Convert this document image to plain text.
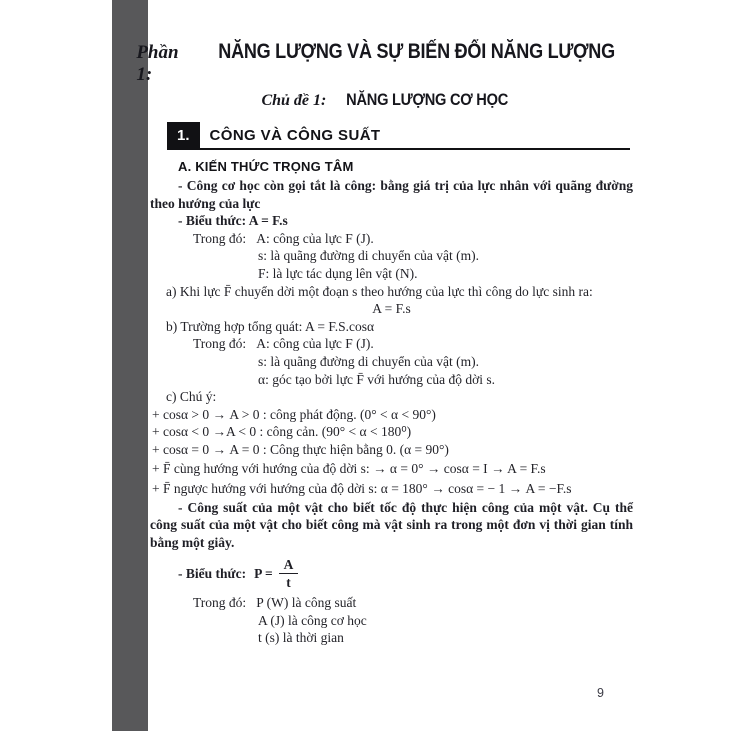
Phần 1:
NĂNG LƯỢNG VÀ SỰ BIẾN ĐỔI NĂNG LƯỢNG
Chủ đề 1: NĂNG LƯỢNG CƠ HỌC
1.	CÔNG VÀ CÔNG SUẤT
A. KIẾN THỨC TRỌNG TÂM
- Công cơ học còn gọi tắt là công: bằng giá trị của lực nhân với quãng đường theo hướng của lực
- Biểu thức: A = F.s
Trong đó:   A: công của lực F (J).
s: là quãng đường di chuyển của vật (m).
F: là lực tác dụng lên vật (N).
a) Khi lực F̄ chuyển dời một đoạn s theo hướng của lực thì công do lực sinh ra:
A = F.s
b) Trường hợp tổng quát: A = F.S.cosα
Trong đó:   A: công của lực F (J).
s: là quãng đường di chuyển của vật (m).
α: góc tạo bởi lực F̄ với hướng của độ dời s.
c) Chú ý:
+ cosα > 0 → A > 0 : công phát động. (0° < α < 90°)
+ cosα < 0 →A < 0 : công cản. (90° < α < 180⁰)
+ cosα = 0 → A = 0 : Công thực hiện bằng 0. (α = 90°)
+ F̄ cùng hướng với hướng của độ dời s: → α = 0° → cosα = I → A = F.s
+ F̄ ngược hướng với hướng của độ dời s: α = 180° → cosα = − 1 → A = −F.s
- Công suất của một vật cho biết tốc độ thực hiện công của một vật. Cụ thể công suất của một vật cho biết công mà vật sinh ra trong một đơn vị thời gian tính bằng một giây.
- Biểu thức: $P = \frac{A}{t}$
Trong đó:   P (W) là công suất
A (J) là công cơ học
t (s) là thời gian
9
